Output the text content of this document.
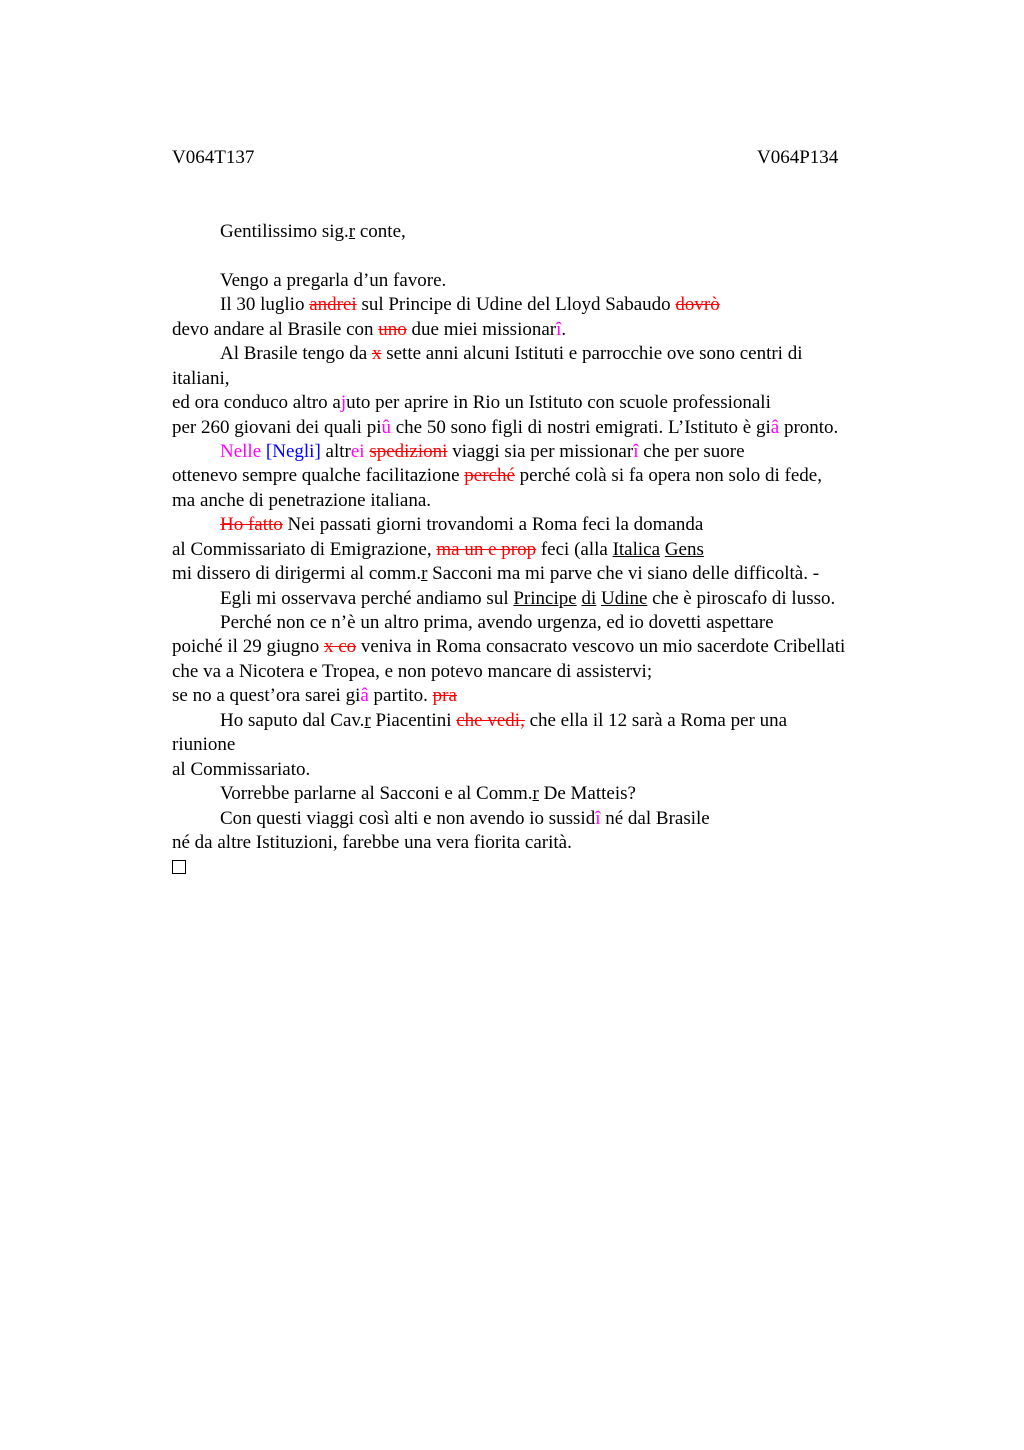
V064T137	V064P134
Gentilissimo sig.r conte,
Vengo a pregarla d’un favore.
Il 30 luglio andrei sul Principe di Udine del Lloyd Sabaudo dovrò
devo andare al Brasile con uno due miei missionarî.
Al Brasile tengo da x sette anni alcuni Istituti e parrocchie ove sono centri di
italiani,
ed ora conduco altro ajuto per aprire in Rio un Istituto con scuole professionali
per 260 giovani dei quali piû che 50 sono figli di nostri emigrati. L’Istituto è giâ pronto.
Nelle [Negli] altrei spedizioni viaggi sia per missionarî che per suore
ottenevo sempre qualche facilitazione perché perché colà si fa opera non solo di fede,
ma anche di penetrazione italiana.
Ho fatto Nei passati giorni trovandomi a Roma feci la domanda
al Commissariato di Emigrazione, ma un e prop feci (alla Italica Gens
mi dissero di dirigermi al comm.r Sacconi ma mi parve che vi siano delle difficoltà. -
Egli mi osservava perché andiamo sul Principe di Udine che è piroscafo di lusso.
Perché non ce n’è un altro prima, avendo urgenza, ed io dovetti aspettare
poiché il 29 giugno x co veniva in Roma consacrato vescovo un mio sacerdote Cribellati
che va a Nicotera e Tropea, e non potevo mancare di assistervi;
se no a quest’ora sarei giâ partito. pra
Ho saputo dal Cav.r Piacentini che vedi, che ella il 12 sarà a Roma per una
riunione
al Commissariato.
Vorrebbe parlarne al Sacconi e al Comm.r De Matteis?
Con questi viaggi così alti e non avendo io sussidî né dal Brasile
né da altre Istituzioni, farebbe una vera fiorita carità.
